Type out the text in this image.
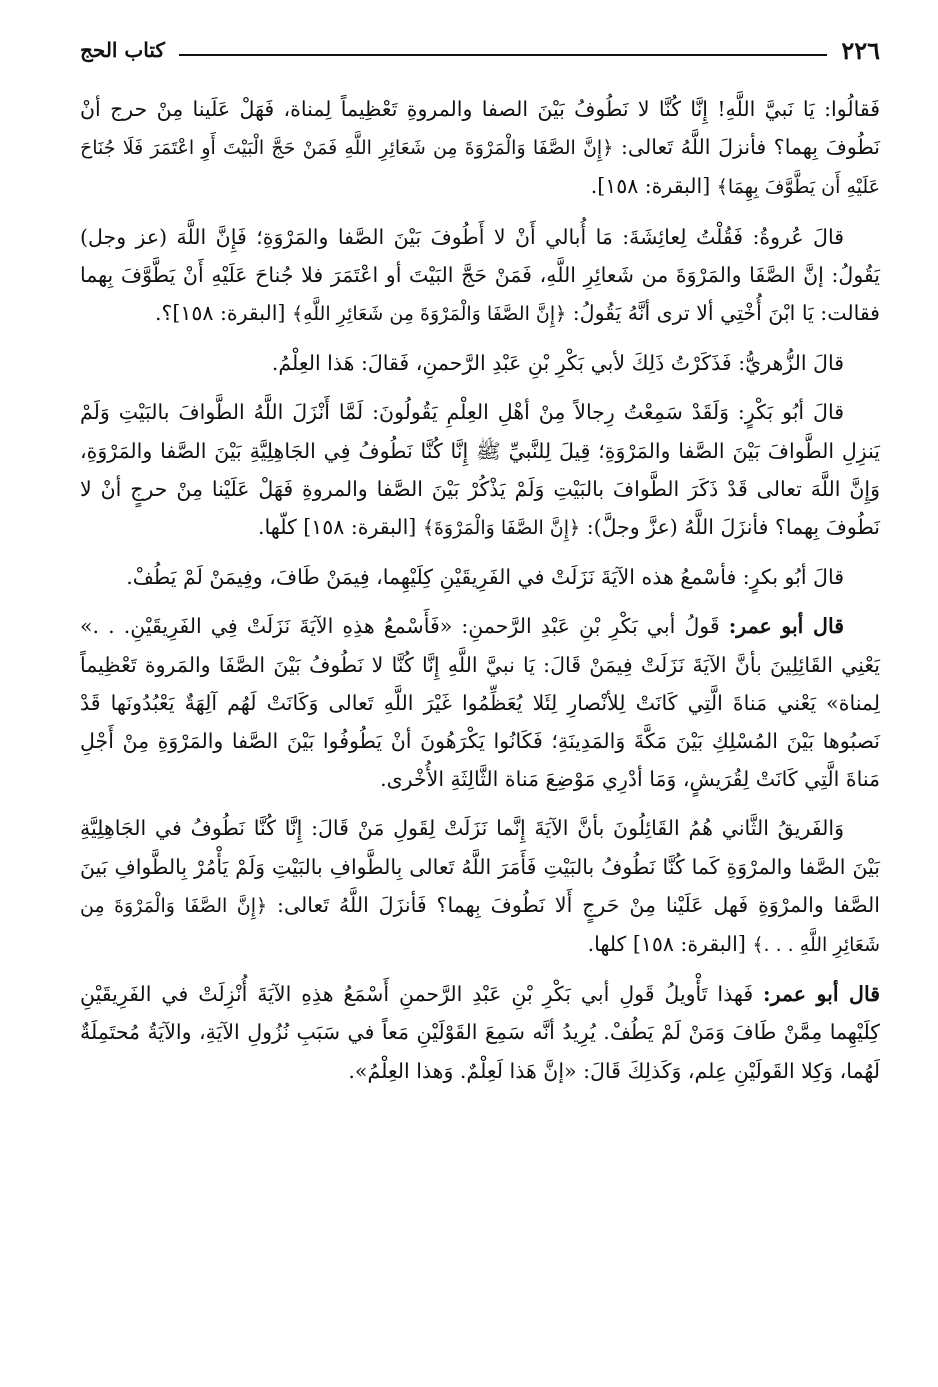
٢٢٦
كتاب الحج

فَقالُوا: يَا نَبيَّ اللَّهِ! إِنَّا كُنَّا لا نَطُوفُ بَيْنَ الصفا والمروةِ تَعْظِيماً لِمناة، فَهَلْ عَلَينا مِنْ حرج أنْ نَطُوفَ بِهما؟ فأنزلَ اللَّهُ تَعالى: ﴿إِنَّ الصَّفَا وَالْمَرْوَةَ مِن شَعَائِرِ اللَّهِ فَمَنْ حَجَّ الْبَيْتَ أَوِ اعْتَمَرَ فَلَا جُنَاحَ عَلَيْهِ أَن يَطَّوَّفَ بِهِمَا﴾ [البقرة: ١٥٨].

قالَ عُروةُ: فَقُلْتُ لِعائِشَةَ: مَا أُبالي أَنْ لا أَطُوفَ بَيْنَ الصَّفا والمَرْوَةِ؛ فَإِنَّ اللَّهَ (عز وجل) يَقُولُ: إنَّ الصَّفَا والمَرْوَةَ من شَعائِرِ اللَّهِ، فَمَنْ حَجَّ البَيْتَ أو اعْتَمَرَ فلا جُناحَ عَلَيْهِ أَنْ يَطَّوَّفَ بِهما فقالت: يَا ابْنَ أُخْتِي ألا ترى أنَّهُ يَقُولُ: ﴿إِنَّ الصَّفَا وَالْمَرْوَةَ مِن شَعَائِرِ اللَّهِ﴾ [البقرة: ١٥٨]؟.

قالَ الزُّهريُّ: فَذَكَرْتُ ذَلِكَ لأبي بَكْرِ بْنِ عَبْدِ الرَّحمنِ، فَقالَ: هَذا العِلْمُ.

قالَ أبُو بَكْرٍ: وَلَقَدْ سَمِعْتُ رِجالاً مِنْ أهْلِ العِلْمِ يَقُولُونَ: لَمَّا أَنْزَلَ اللَّهُ الطَّوافَ بالبَيْتِ وَلَمْ يَنزِلِ الطَّوافَ بَيْنَ الصَّفا والمَرْوَةِ؛ قِيلَ لِلنَّبيِّ ﷺ إِنَّا كُنَّا نَطُوفُ فِي الجَاهِلِيَّةِ بَيْنَ الصَّفا والمَرْوَةِ، وَإِنَّ اللَّهَ تعالى قَدْ ذَكَرَ الطَّوافَ بالبَيْتِ وَلَمْ يَذْكُرْ بَيْنَ الصَّفا والمروةِ فَهَلْ عَلَيْنا مِنْ حرجٍ أنْ لا نَطُوفَ بِهما؟ فأنزَلَ اللَّهُ (عزَّ وجلَّ): ﴿إِنَّ الصَّفَا وَالْمَرْوَةَ﴾ [البقرة: ١٥٨] كلّها.

قالَ أبُو بكرٍ: فأسْمعُ هذه الآيَةَ نَزَلَتْ في الفَرِيقَيْنِ كِلَيْهِما، فِيمَنْ طَافَ، وفِيمَنْ لَمْ يَطُفْ.

قال أبو عمر: قَولُ أبي بَكْرِ بْنِ عَبْدِ الرَّحمنِ: «فَأَسْمعُ هذِهِ الآيَةَ نَزَلَتْ فِي الفَرِيقَيْنِ. . .» يَعْنِي القَائِلِينَ بأنَّ الآيَةَ نَزَلَتْ فِيمَنْ قَالَ: يَا نبيَّ اللَّهِ إِنَّا كُنَّا لا نَطُوفُ بَيْنَ الصَّفَا والمَروة تَعْظِيماً لِمناة» يَعْني مَناةَ الَّتِي كَانَتْ لِلأنْصارِ لِئَلا يُعَظِّمُوا غَيْرَ اللَّهِ تَعالى وَكَانَتْ لَهُم آلِهَةٌ يَعْبُدُونَها قَدْ نَصبُوها بَيْنَ المُسْلِكِ بَيْنَ مَكَّةَ وَالمَدِينَةِ؛ فَكَانُوا يَكْرَهُونَ أنْ يَطُوفُوا بَيْنَ الصَّفا والمَرْوَةِ مِنْ أَجْلِ مَناةَ الَّتِي كَانَتْ لِقُرَيشٍ، وَمَا أدْرِي مَوْضِعَ مَناة الثَّالِثَةِ الأُخْرى.

وَالفَريقُ الثَّاني هُمُ القَائِلُونَ بأنَّ الآيَةَ إِنَّما نَزَلَتْ لِقَولِ مَنْ قَالَ: إِنَّا كُنَّا نَطُوفُ في الجَاهِلِيَّةِ بَيْنَ الصَّفا والمرْوَةِ كَما كُنَّا نَطُوفُ بالبَيْتِ فَأَمَرَ اللَّهُ تَعالى بِالطَّوافِ بالبَيْتِ وَلَمْ يَأْمُرْ بِالطَّوافِ بَينَ الصَّفا والمرْوَةِ فَهل عَلَيْنا مِنْ حَرجٍ أَلا نَطُوفَ بِهما؟ فَأنزَلَ اللَّهُ تَعالى: ﴿إِنَّ الصَّفَا وَالْمَرْوَةَ مِن شَعَائِرِ اللَّهِ . . .﴾ [البقرة: ١٥٨] كلها.

قال أبو عمر: فَهذا تَأْويلُ قَولِ أبي بَكْرِ بْنِ عَبْدِ الرَّحمنِ أَسْمَعُ هذِهِ الآيَةَ أُنْزِلَتْ في الفَرِيقَيْنِ كِلَيْهِما مِمَّنْ طَافَ وَمَنْ لَمْ يَطُفْ. يُرِيدُ أنَّه سَمِعَ القَوْلَيْنِ مَعاً في سَبَبِ نُزُولِ الآيَةِ، والآيَةُ مُحتَمِلَةٌ لَهُما، وَكِلا القَولَيْنِ عِلم، وَكَذلِكَ قَالَ: «إنَّ هَذا لَعِلْمٌ. وَهذا العِلْمُ».
